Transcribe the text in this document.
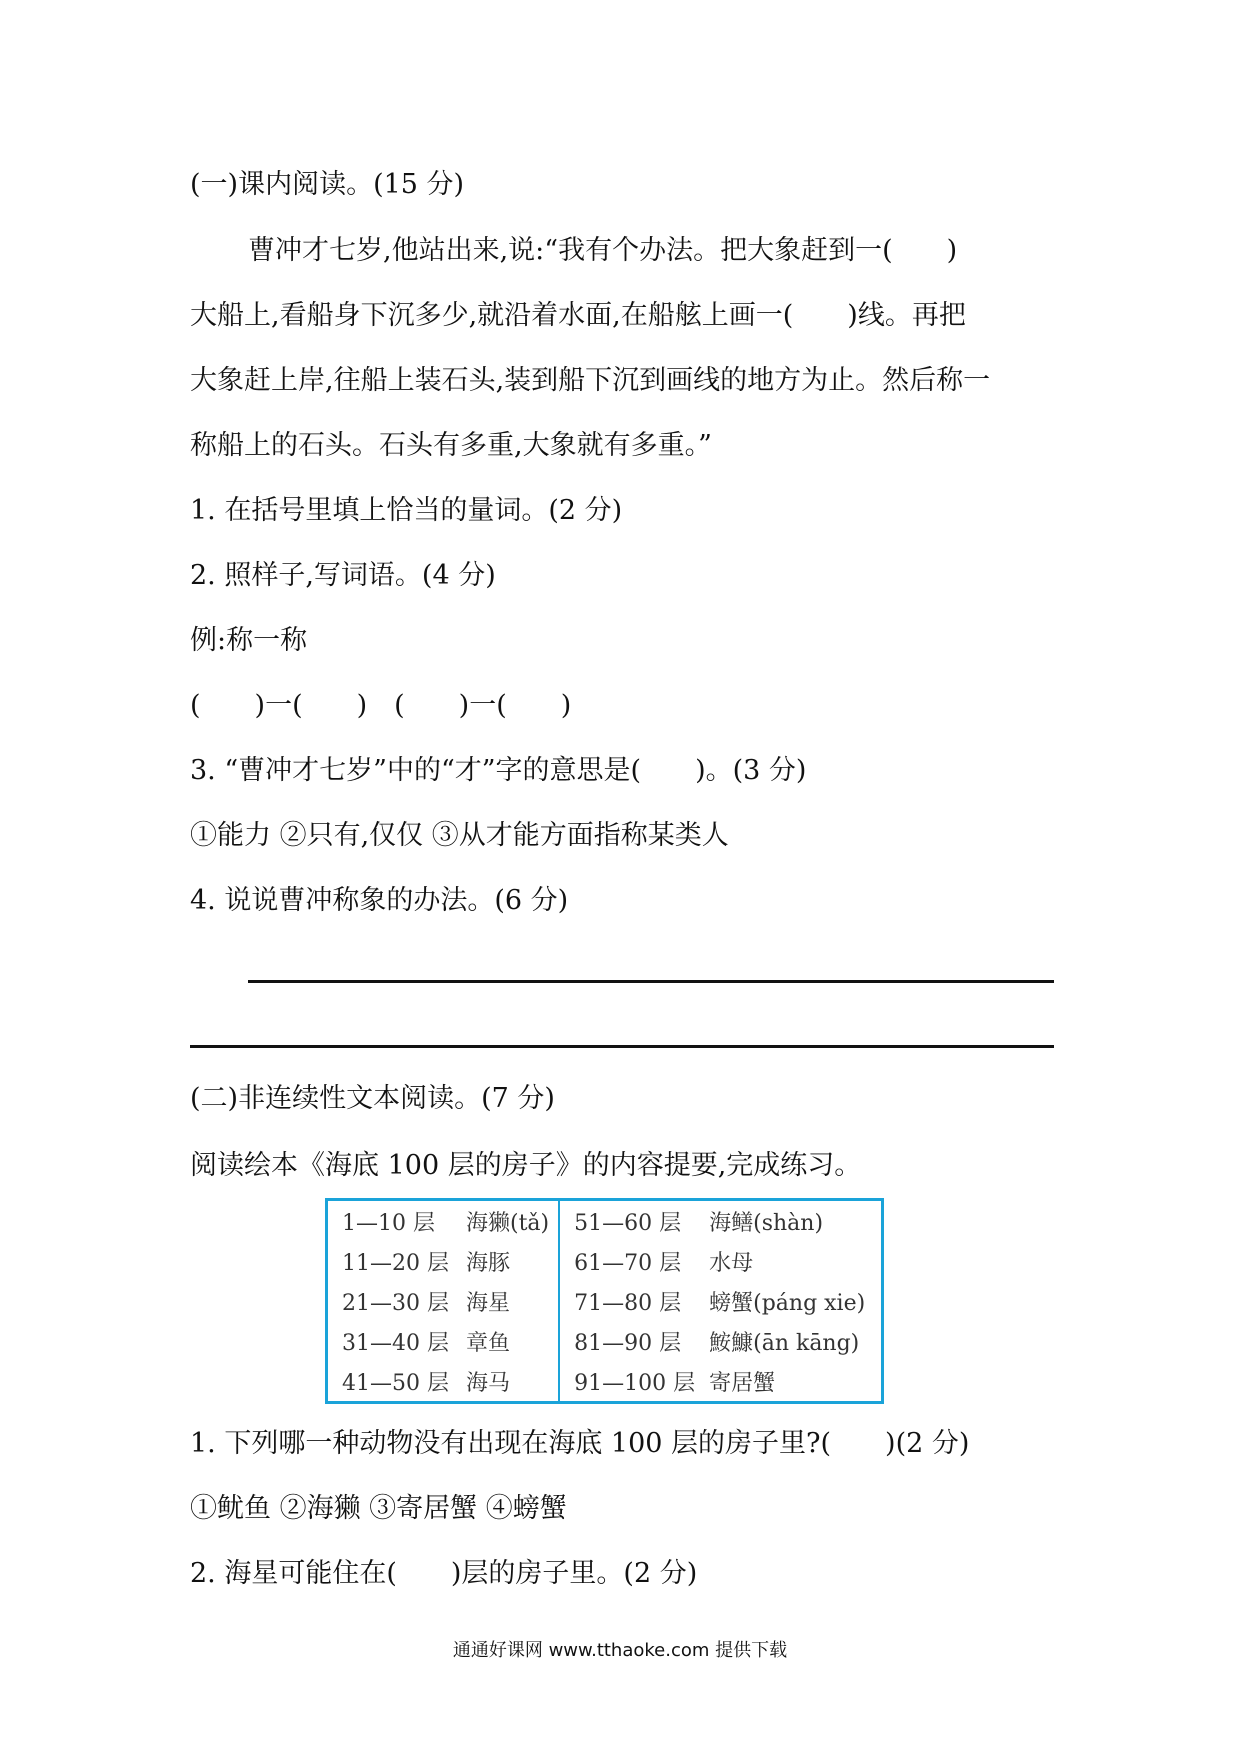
(一)课内阅读。(15 分)
曹冲才七岁,他站出来,说:“我有个办法。把大象赶到一(　　)
大船上,看船身下沉多少,就沿着水面,在船舷上画一(　　)线。再把
大象赶上岸,往船上装石头,装到船下沉到画线的地方为止。然后称一
称船上的石头。石头有多重,大象就有多重。”
1. 在括号里填上恰当的量词。(2 分)
2. 照样子,写词语。(4 分)
例:称一称
(　　)一(　　)　(　　)一(　　)
3. “曹冲才七岁”中的“才”字的意思是(　　)。(3 分)
①能力 ②只有,仅仅 ③从才能方面指称某类人
4. 说说曹冲称象的办法。(6 分)
(二)非连续性文本阅读。(7 分)
阅读绘本《海底 100 层的房子》的内容提要,完成练习。
1—10 层	海獭(tǎ)	51—60 层	海鳝(shàn)
11—20 层	海豚	61—70 层	水母
21—30 层	海星	71—80 层	螃蟹(páng xie)
31—40 层	章鱼	81—90 层	鮟鱇(ān kāng)
41—50 层	海马	91—100 层	寄居蟹
1. 下列哪一种动物没有出现在海底 100 层的房子里?(　　)(2 分)
①鱿鱼 ②海獭 ③寄居蟹 ④螃蟹
2. 海星可能住在(　　)层的房子里。(2 分)
通通好课网 www.tthaoke.com 提供下载
